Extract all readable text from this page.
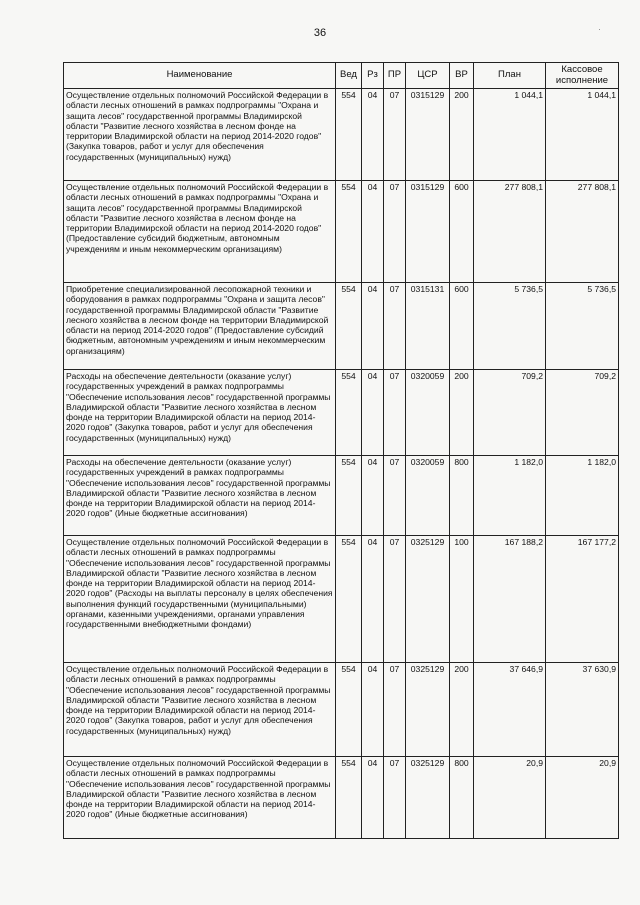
36	·
Наименование	Вед	Рз	ПР	ЦСР	ВР	План	Кассовое исполнение
Осуществление отдельных полномочий Российской Федерации в области лесных отношений в рамках подпрограммы "Охрана и защита лесов" государственной программы Владимирской области "Развитие лесного хозяйства в лесном фонде на территории Владимирской области на период 2014-2020 годов" (Закупка товаров, работ и услуг для обеспечения государственных (муниципальных) нужд)	554	04	07	0315129	200	1 044,1	1 044,1
Осуществление отдельных полномочий Российской Федерации в области лесных отношений в рамках подпрограммы "Охрана и защита лесов" государственной программы Владимирской области "Развитие лесного хозяйства в лесном фонде на территории Владимирской области на период 2014-2020 годов" (Предоставление субсидий бюджетным, автономным учреждениям и иным некоммерческим организациям)	554	04	07	0315129	600	277 808,1	277 808,1
Приобретение специализированной лесопожарной техники и оборудования в рамках подпрограммы "Охрана и защита лесов" государственной программы Владимирской области "Развитие лесного хозяйства в лесном фонде на территории Владимирской области на период 2014-2020 годов" (Предоставление субсидий бюджетным, автономным учреждениям и иным некоммерческим организациям)	554	04	07	0315131	600	5 736,5	5 736,5
Расходы на обеспечение деятельности (оказание услуг) государственных учреждений в рамках подпрограммы "Обеспечение использования лесов" государственной программы Владимирской области "Развитие лесного хозяйства в лесном фонде на территории Владимирской области на период 2014-2020 годов" (Закупка товаров, работ и услуг для обеспечения государственных (муниципальных) нужд)	554	04	07	0320059	200	709,2	709,2
Расходы на обеспечение деятельности (оказание услуг) государственных учреждений в рамках подпрограммы "Обеспечение использования лесов" государственной программы Владимирской области "Развитие лесного хозяйства в лесном фонде на территории Владимирской области на период 2014-2020 годов" (Иные бюджетные ассигнования)	554	04	07	0320059	800	1 182,0	1 182,0
Осуществление отдельных полномочий Российской Федерации в области лесных отношений в рамках подпрограммы "Обеспечение использования лесов" государственной программы Владимирской области "Развитие лесного хозяйства в лесном фонде на территории Владимирской области на период 2014-2020 годов" (Расходы на выплаты персоналу в целях обеспечения выполнения функций государственными (муниципальными) органами, казенными учреждениями, органами управления государственными внебюджетными фондами)	554	04	07	0325129	100	167 188,2	167 177,2
Осуществление отдельных полномочий Российской Федерации в области лесных отношений в рамках подпрограммы "Обеспечение использования лесов" государственной программы Владимирской области "Развитие лесного хозяйства в лесном фонде на территории Владимирской области на период 2014-2020 годов" (Закупка товаров, работ и услуг для обеспечения государственных (муниципальных) нужд)	554	04	07	0325129	200	37 646,9	37 630,9
Осуществление отдельных полномочий Российской Федерации в области лесных отношений в рамках подпрограммы "Обеспечение использования лесов" государственной программы Владимирской области "Развитие лесного хозяйства в лесном фонде на территории Владимирской области на период 2014-2020 годов" (Иные бюджетные ассигнования)	554	04	07	0325129	800	20,9	20,9
